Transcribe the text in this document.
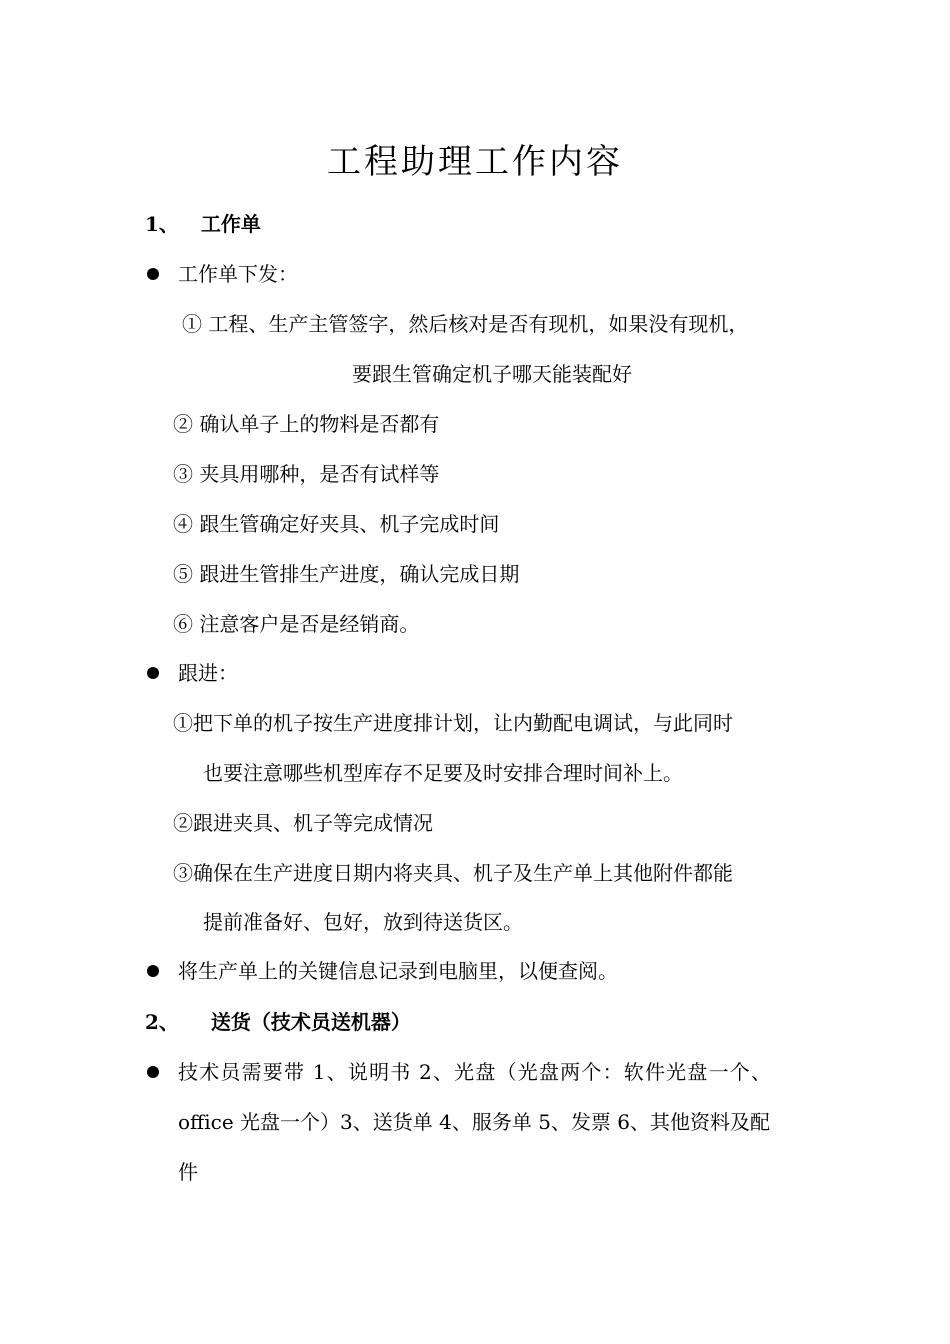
工程助理工作内容
1、 工作单
工作单下发：
① 工程、生产主管签字，然后核对是否有现机，如果没有现机，
要跟生管确定机子哪天能装配好
② 确认单子上的物料是否都有
③ 夹具用哪种，是否有试样等
④ 跟生管确定好夹具、机子完成时间
⑤ 跟进生管排生产进度，确认完成日期
⑥ 注意客户是否是经销商。
跟进：
①把下单的机子按生产进度排计划，让内勤配电调试，与此同时
也要注意哪些机型库存不足要及时安排合理时间补上。
②跟进夹具、机子等完成情况
③确保在生产进度日期内将夹具、机子及生产单上其他附件都能
提前准备好、包好，放到待送货区。
将生产单上的关键信息记录到电脑里，以便查阅。
2、 送货（技术员送机器）
技术员需要带 1、说明书 2、光盘（光盘两个：软件光盘一个、
office 光盘一个）3、送货单 4、服务单 5、发票 6、其他资料及配
件
